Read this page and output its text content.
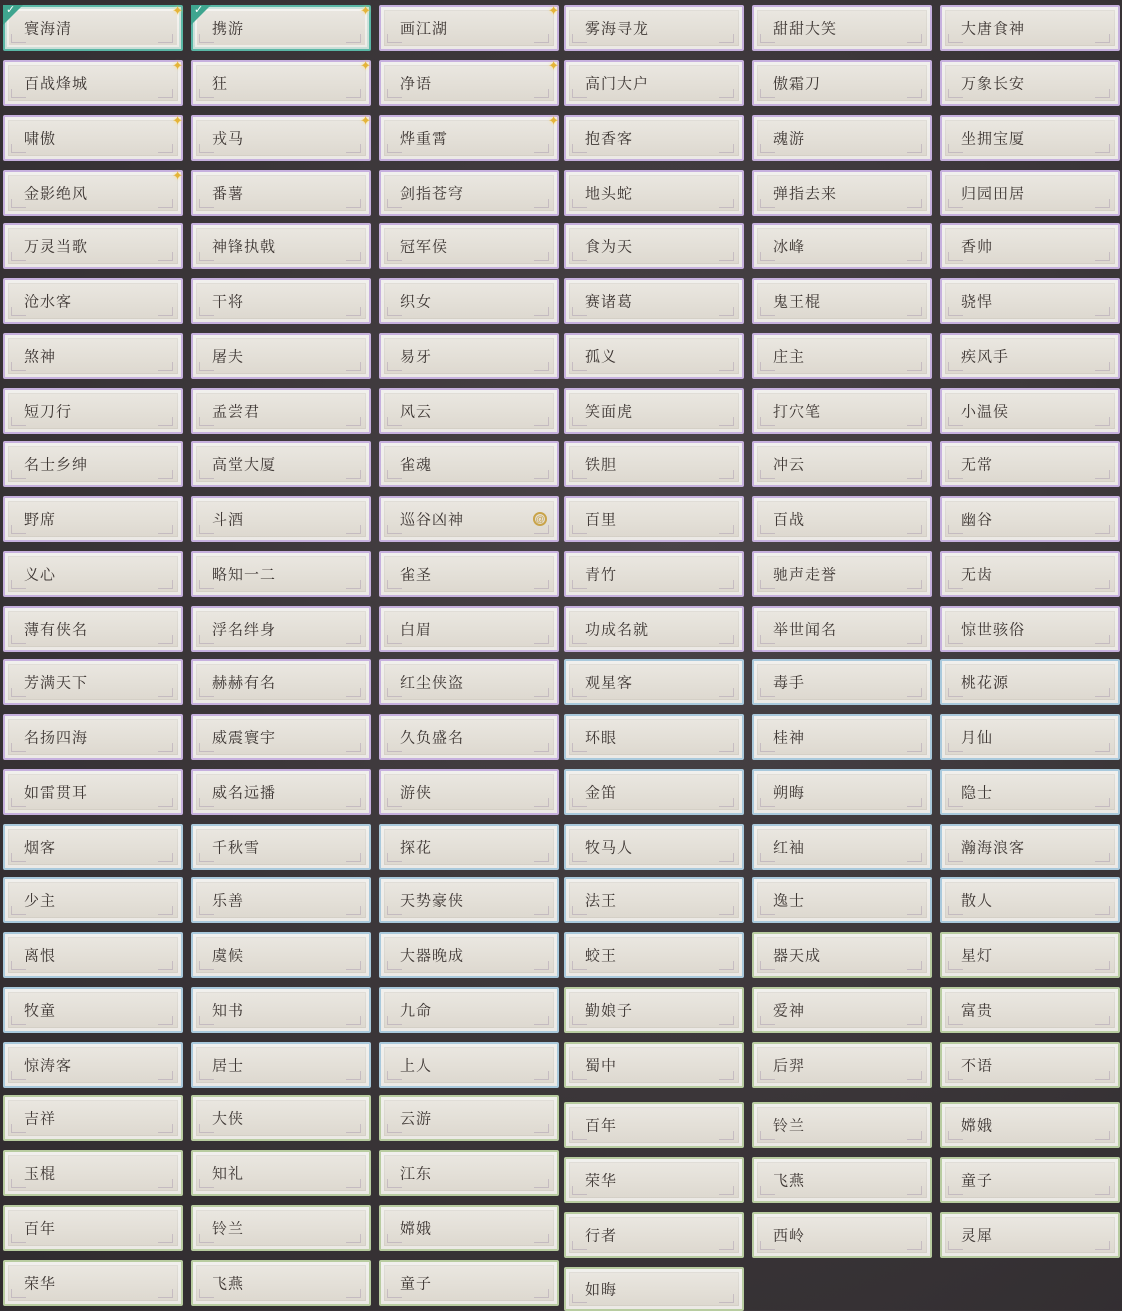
寰海清
✓	✦
百战烽城
✦
啸傲
✦
金影绝风
✦
万灵当歌
沧水客
煞神
短刀行
名士乡绅
野席
义心
薄有侠名
芳满天下
名扬四海
如雷贯耳
烟客
少主
离恨
牧童
惊涛客
吉祥
玉棍
百年
荣华
携游
✓	✦
狂
✦
戎马
✦
番薯
神锋执戟
干将
屠夫
孟尝君
高堂大厦
斗酒
略知一二
浮名绊身
赫赫有名
威震寰宇
威名远播
千秋雪
乐善
虞候
知书
居士
大侠
知礼
铃兰
飞燕
画江湖
✦
净语
✦
烨重霄
✦
剑指苍穹
冠军侯
织女
易牙
风云
雀魂
巡谷凶神	@
雀圣
白眉
红尘侠盗
久负盛名
游侠
探花
天势豪侠
大器晚成
九命
上人
云游
江东
嫦娥
童子
雾海寻龙
高门大户
抱香客
地头蛇
食为天
赛诸葛
孤义
笑面虎
铁胆
百里
青竹
功成名就
观星客
环眼
金笛
牧马人
法王
蛟王
勤娘子
蜀中
百年
荣华
行者
如晦
甜甜大笑
傲霜刀
魂游
弹指去来
冰峰
鬼王棍
庄主
打穴笔
冲云
百战
驰声走誉
举世闻名
毒手
桂神
朔晦
红袖
逸士
器天成
爱神
后羿
铃兰
飞燕
西岭
大唐食神
万象长安
坐拥宝厦
归园田居
香帅
骁悍
疾风手
小温侯
无常
幽谷
无齿
惊世骇俗
桃花源
月仙
隐士
瀚海浪客
散人
星灯
富贵
不语
嫦娥
童子
灵犀
